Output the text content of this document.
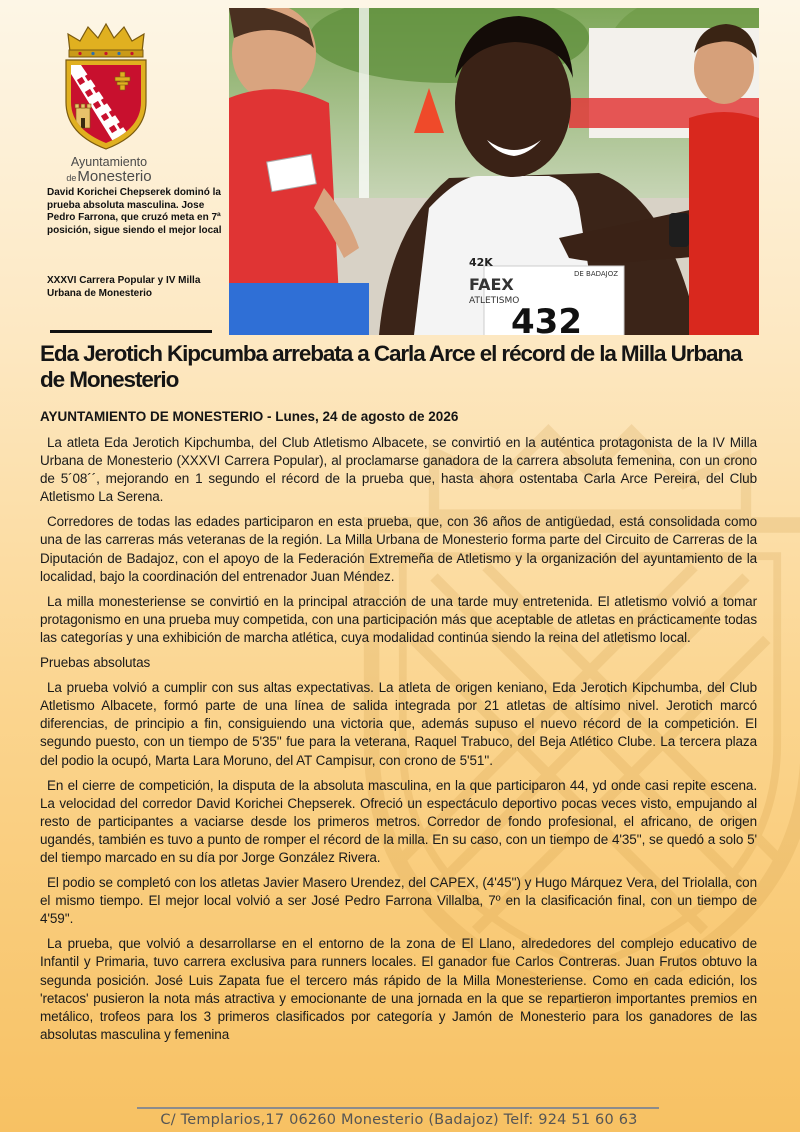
Ayuntamiento
deMonesterio
David Korichei Chepserek dominó la prueba absoluta masculina. Jose Pedro Farrona, que cruzó meta en 7ª posición, sigue siendo el mejor local
XXXVI Carrera Popular y IV Milla Urbana de Monesterio	FAEX
ATLETISMO
DE BADAJOZ
432
42K
Eda Jerotich Kipcumba arrebata a Carla Arce el récord de la Milla Urbana de Monesterio
AYUNTAMIENTO DE MONESTERIO - Lunes, 24 de agosto de 2026

La atleta Eda Jerotich Kipchumba, del Club Atletismo Albacete, se convirtió en la auténtica protagonista de la IV Milla Urbana de Monesterio (XXXVI Carrera Popular), al proclamarse ganadora de la carrera absoluta femenina, con un crono de 5´08´´, mejorando en 1 segundo el récord de la prueba que, hasta ahora ostentaba Carla Arce Pereira, del Club Atletismo La Serena.

Corredores de todas las edades participaron en esta prueba, que, con 36 años de antigüedad, está consolidada como una de las carreras más veteranas de la región. La Milla Urbana de Monesterio forma parte del Circuito de Carreras de la Diputación de Badajoz, con el apoyo de la Federación Extremeña de Atletismo y la organización del ayuntamiento de la localidad, bajo la coordinación del entrenador Juan Méndez.

La milla monesteriense se convirtió en la principal atracción de una tarde muy entretenida. El atletismo volvió a tomar protagonismo en una prueba muy competida, con una participación más que aceptable de atletas en prácticamente todas las categorías y una exhibición de marcha atlética, cuya modalidad continúa siendo la reina del atletismo local.

Pruebas absolutas

La prueba volvió a cumplir con sus altas expectativas. La atleta de origen keniano, Eda Jerotich Kipchumba, del Club Atletismo Albacete, formó parte de una línea de salida integrada por 21 atletas de altísimo nivel. Jerotich marcó diferencias, de principio a fin, consiguiendo una victoria que, además supuso el nuevo récord de la competición. El segundo puesto, con un tiempo de 5'35'' fue para la veterana, Raquel Trabuco, del Beja Atlético Clube. La tercera plaza del podio la ocupó, Marta Lara Moruno, del AT Campisur, con crono de 5'51''.

En el cierre de competición, la disputa de la absoluta masculina, en la que participaron 44, yd onde casi repite escena. La velocidad del corredor David Korichei Chepserek. Ofreció un espectáculo deportivo pocas veces visto, empujando al resto de participantes a vaciarse desde los primeros metros. Corredor de fondo profesional, el africano, de origen ugandés, también es tuvo a punto de romper el récord de la milla. En su caso, con un tiempo de 4'35'', se quedó a solo 5' del tiempo marcado en su día por Jorge González Rivera.

El podio se completó con los atletas Javier Masero Urendez, del CAPEX, (4'45'') y Hugo Márquez Vera, del Triolalla, con el mismo tiempo. El mejor local volvió a ser José Pedro Farrona Villalba, 7º en la clasificación final, con un tiempo de 4'59''.

La prueba, que volvió a desarrollarse en el entorno de la zona de El Llano, alrededores del complejo educativo de Infantil y Primaria, tuvo carrera exclusiva para runners locales. El ganador fue Carlos Contreras. Juan Frutos obtuvo la segunda posición. José Luis Zapata fue el tercero más rápido de la Milla Monesteriense. Como en cada edición, los 'retacos' pusieron la nota más atractiva y emocionante de una jornada en la que se repartieron importantes premios en metálico, trofeos para los 3 primeros clasificados por categoría y Jamón de Monesterio para los ganadores de las absolutas masculina y femenina

C/ Templarios,17 06260 Monesterio (Badajoz) Telf: 924 51 60 63
